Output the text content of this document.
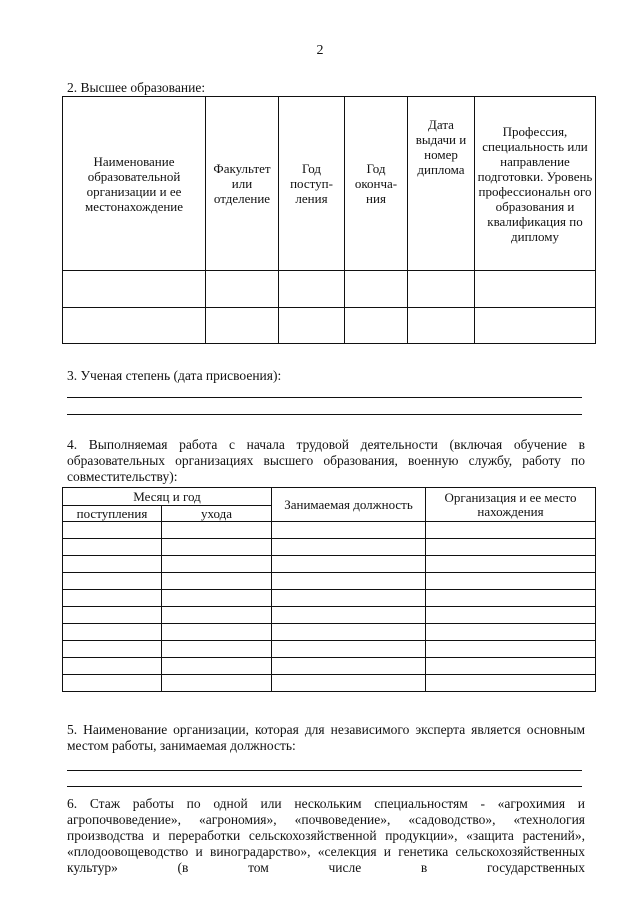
2
2. Высшее образование:
Наименование образовательной организации и ее местонахождение	Факультет или отделение	Год поступ-ления	Год оконча-ния	Дата выдачи и номер диплома	Профессия, специальность или направление подготовки. Уровень профессиональн ого образования и квалификация по диплому

3. Ученая степень (дата присвоения):
4. Выполняемая работа с начала трудовой деятельности (включая обучение в образовательных организациях высшего образования, военную службу, работу по совместительству):
Месяц и год		Занимаемая должность	Организация и ее место нахождения
поступления	ухода		

5. Наименование организации, которая для независимого эксперта является основным местом работы, занимаемая должность:
6. Стаж работы по одной или нескольким специальностям - «агрохимия и агропочвоведение», «агрономия», «почвоведение», «садоводство», «технология производства и переработки сельскохозяйственной продукции», «защита растений», «плодоовощеводство и виноградарство», «селекция и генетика сельскохозяйственных культур» (в том числе в государственных
